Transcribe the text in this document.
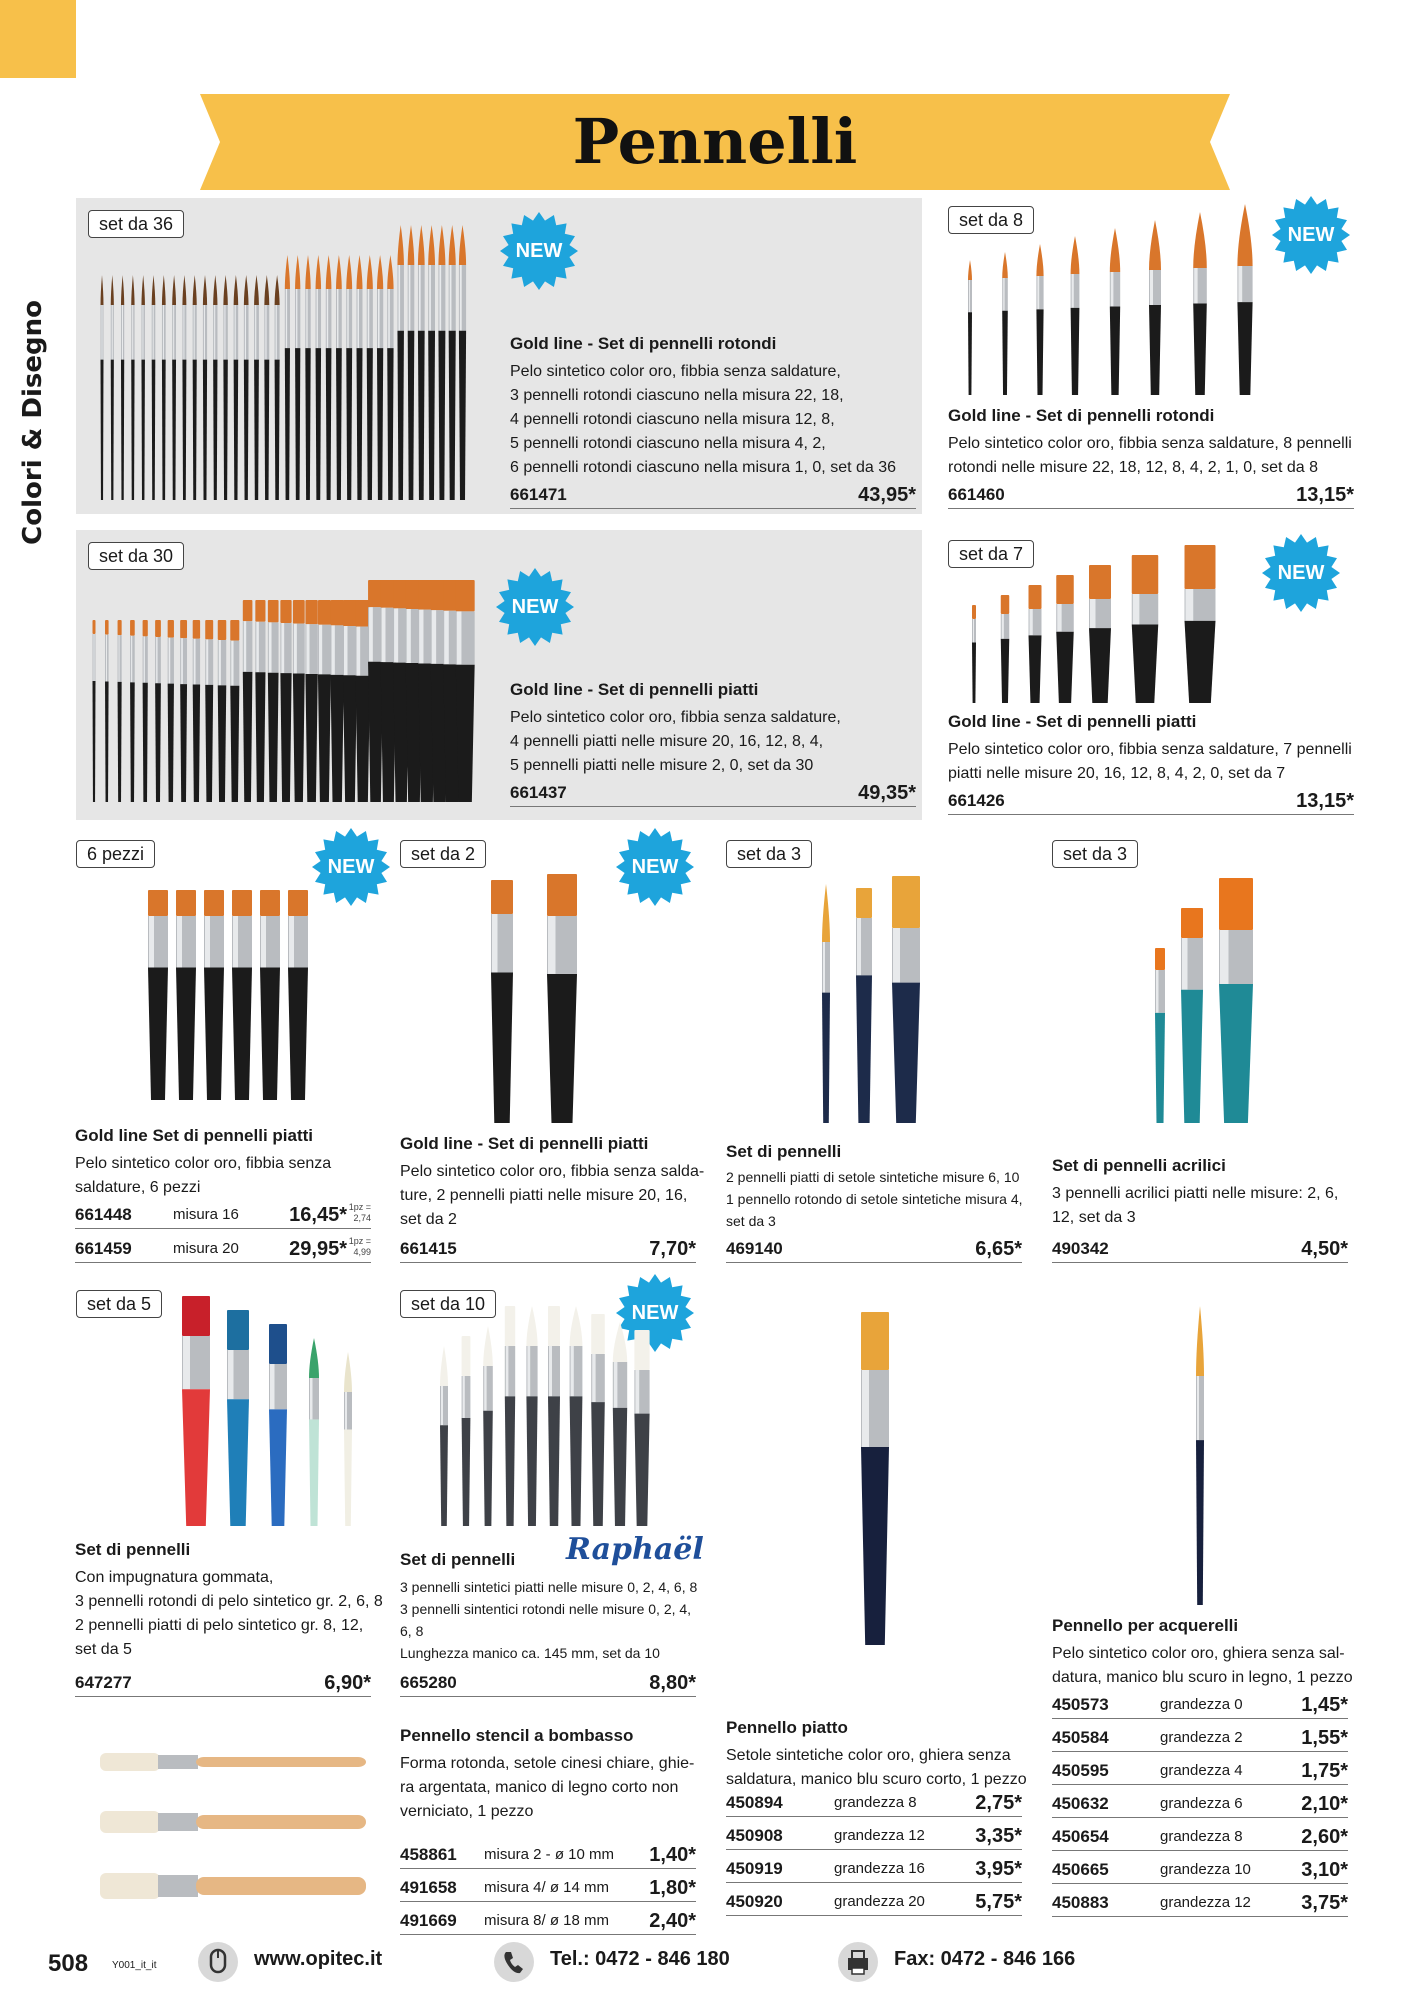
Colori & Disegno
Pennelli
set da 36
NEW
Gold line - Set di pennelli rotondi
Pelo sintetico color oro, fibbia senza saldature,
3 pennelli rotondi ciascuno nella misura 22, 18,
4 pennelli rotondi ciascuno nella misura 12, 8,
5 pennelli rotondi ciascuno nella misura 4, 2,
6 pennelli rotondi ciascuno nella misura 1, 0, set da 36
661471	43,95*
set da 8
NEW
Gold line - Set di pennelli rotondi
Pelo sintetico color oro, fibbia senza saldature, 8 pennelli
rotondi nelle misure 22, 18, 12, 8, 4, 2, 1, 0, set da 8
661460	13,15*
set da 30
NEW
Gold line - Set di pennelli piatti
Pelo sintetico color oro, fibbia senza saldature,
4 pennelli piatti nelle misure 20, 16, 12, 8, 4,
5 pennelli piatti nelle misure 2, 0, set da 30
661437	49,35*
set da 7
NEW
Gold line - Set di pennelli piatti
Pelo sintetico color oro, fibbia senza saldature, 7 pennelli
piatti nelle misure 20, 16, 12, 8, 4, 2, 0, set da 7
661426	13,15*
6 pezzi
NEW
Gold line Set di pennelli piatti
Pelo sintetico color oro, fibbia senza
saldature, 6 pezzi
661448	misura 16	16,45* 1pz =
2,74
661459	misura 20	29,95* 1pz =
4,99
set da 2
NEW
Gold line - Set di pennelli piatti
Pelo sintetico color oro, fibbia senza salda-
ture, 2 pennelli piatti nelle misure 20, 16,
set da 2
661415	7,70*
set da 3
Set di pennelli
2 pennelli piatti di setole sintetiche misure 6, 10
1 pennello rotondo di setole sintetiche misura 4,
set da 3
469140	6,65*
set da 3
Set di pennelli acrilici
3 pennelli acrilici piatti nelle misure: 2, 6,
12, set da 3
490342	4,50*
set da 5
Set di pennelli
Con impugnatura gommata,
3 pennelli rotondi di pelo sintetico gr. 2, 6, 8
2 pennelli piatti di pelo sintetico gr. 8, 12,
set da 5
647277	6,90*
set da 10	NEW
Raphaël
Set di pennelli
3 pennelli sintetici piatti nelle misure 0, 2, 4, 6, 8
3 pennelli sintentici rotondi nelle misure 0, 2, 4,
6, 8
Lunghezza manico ca. 145 mm, set da 10
665280	8,80*
Pennello stencil a bombasso
Forma rotonda, setole cinesi chiare, ghie-
ra argentata, manico di legno corto non
verniciato, 1 pezzo
458861 misura 2 - ø 10 mm 1,40*
491658 misura 4/ ø 14 mm 1,80*
491669 misura 8/ ø 18 mm 2,40*
Pennello piatto
Setole sintetiche color oro, ghiera senza
saldatura, manico blu scuro corto, 1 pezzo
450894	grandezza 8	2,75*
450908	grandezza 12	3,35*
450919	grandezza 16	3,95*
450920	grandezza 20	5,75*
Pennello per acquerelli
Pelo sintetico color oro, ghiera senza sal-
datura, manico blu scuro in legno, 1 pezzo
450573	grandezza 0	1,45*
450584	grandezza 2	1,55*
450595	grandezza 4	1,75*
450632	grandezza 6	2,10*
450654	grandezza 8	2,60*
450665	grandezza 10	3,10*
450883	grandezza 12	3,75*
508 Y001_it_it	www.opitec.it	Tel.: 0472 - 846 180	Fax: 0472 - 846 166
